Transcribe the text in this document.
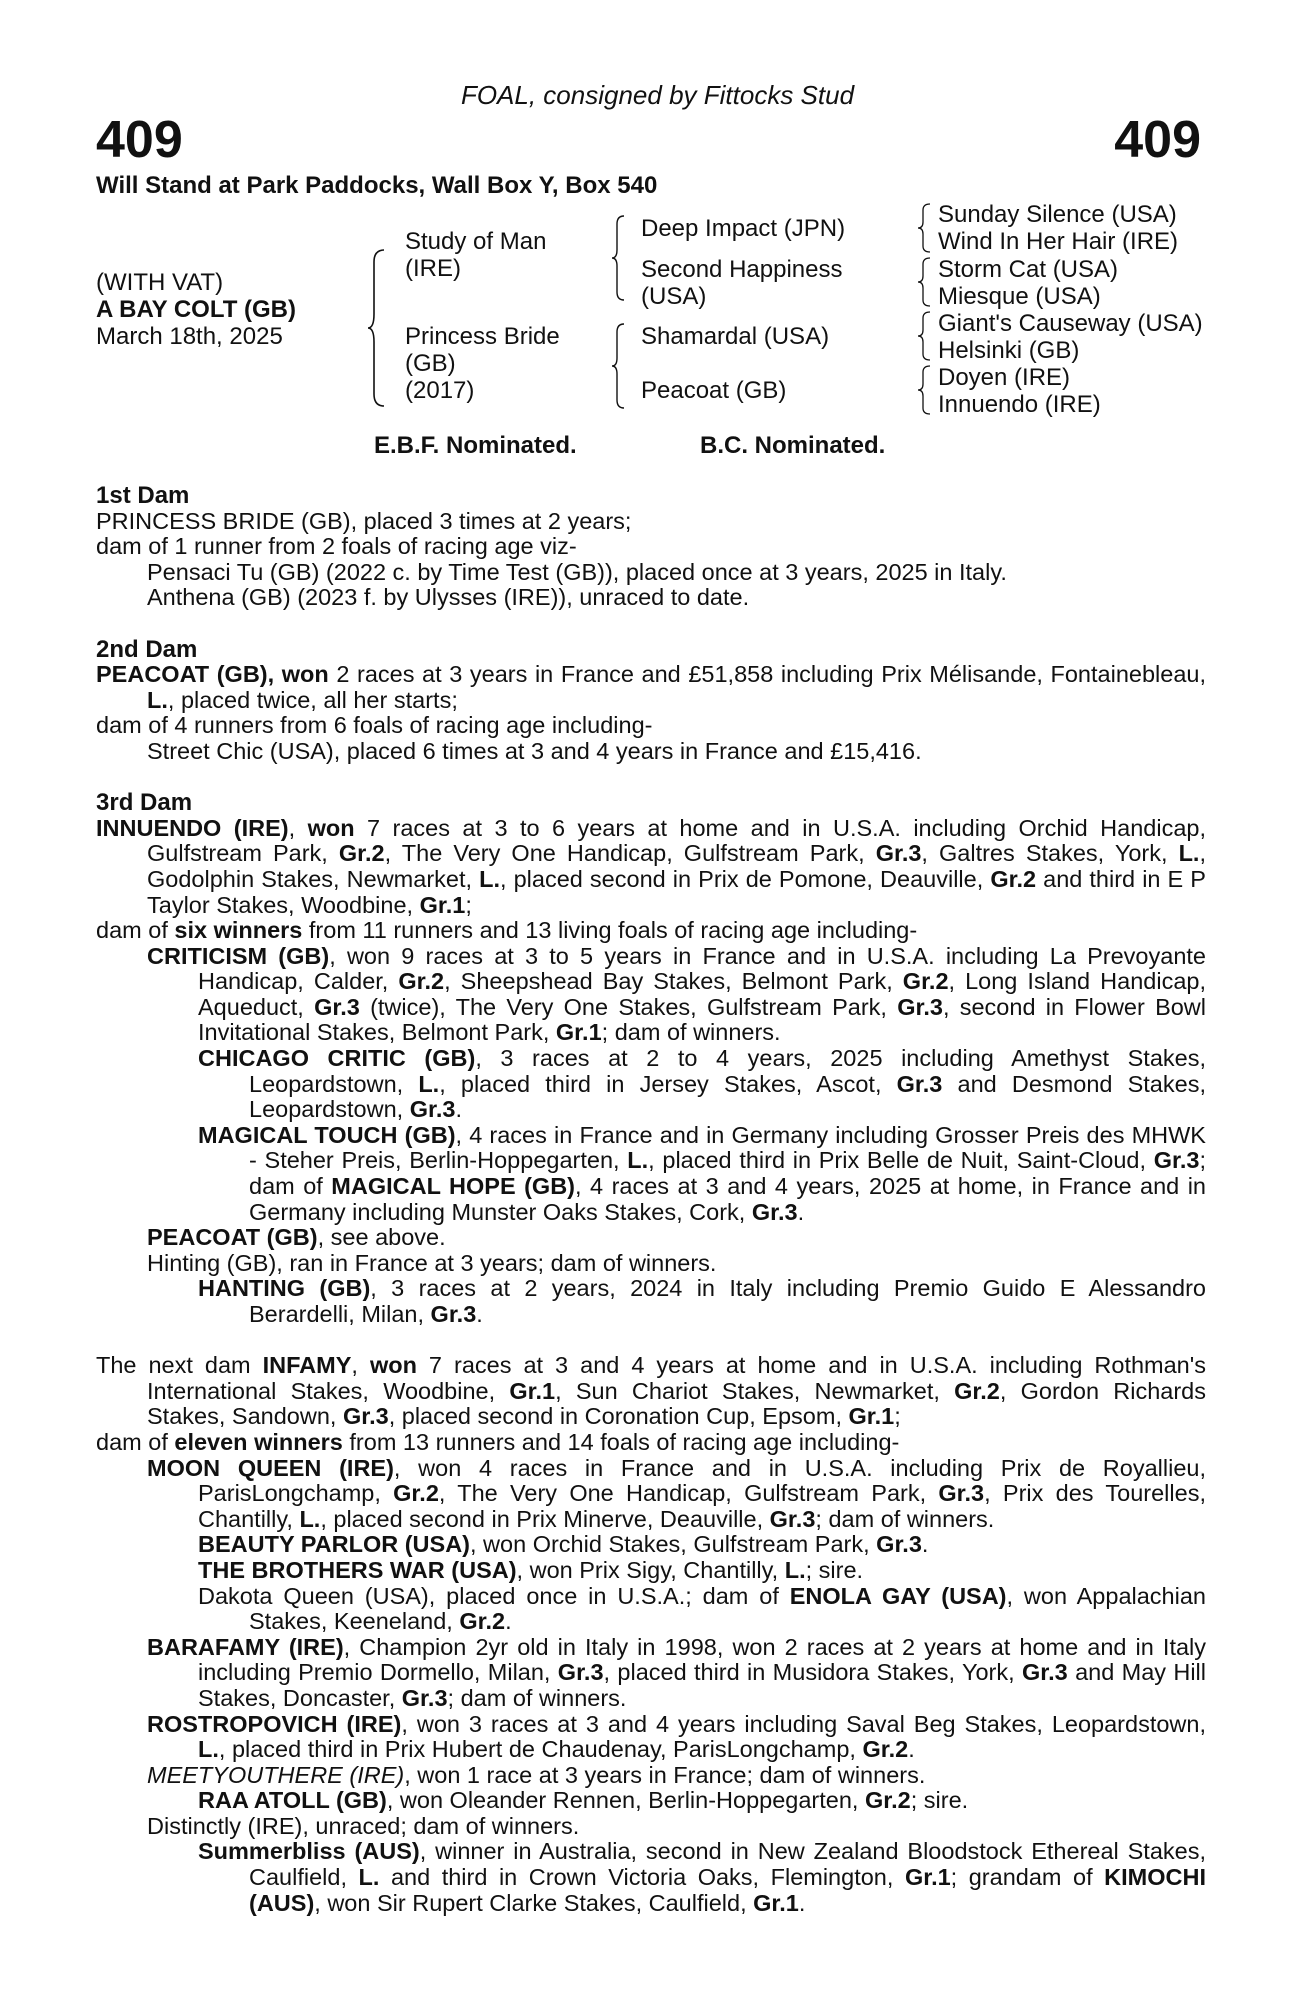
FOAL, consigned by Fittocks Stud
409	409
Will Stand at Park Paddocks, Wall Box Y, Box 540
(WITH VAT)
A BAY COLT (GB)
March 18th, 2025
Study of Man
(IRE)
Princess Bride
(GB)
(2017)
Deep Impact (JPN)
Second Happiness
(USA)
Shamardal (USA)
Peacoat (GB)
Sunday Silence (USA)
Wind In Her Hair (IRE)
Storm Cat (USA)
Miesque (USA)
Giant's Causeway (USA)
Helsinki (GB)
Doyen (IRE)
Innuendo (IRE)
E.B.F. Nominated.	B.C. Nominated.

1st Dam

PRINCESS BRIDE (GB), placed 3 times at 2 years;

dam of 1 runner from 2 foals of racing age viz-

Pensaci Tu (GB) (2022 c. by Time Test (GB)), placed once at 3 years, 2025 in Italy.

Anthena (GB) (2023 f. by Ulysses (IRE)), unraced to date.

2nd Dam

PEACOAT (GB), won 2 races at 3 years in France and £51,858 including Prix Mélisande, Fontainebleau, L., placed twice, all her starts;

dam of 4 runners from 6 foals of racing age including-

Street Chic (USA), placed 6 times at 3 and 4 years in France and £15,416.

3rd Dam

INNUENDO (IRE), won 7 races at 3 to 6 years at home and in U.S.A. including Orchid Handicap, Gulfstream Park, Gr.2, The Very One Handicap, Gulfstream Park, Gr.3, Galtres Stakes, York, L., Godolphin Stakes, Newmarket, L., placed second in Prix de Pomone, Deauville, Gr.2 and third in E P Taylor Stakes, Woodbine, Gr.1;

dam of six winners from 11 runners and 13 living foals of racing age including-

CRITICISM (GB), won 9 races at 3 to 5 years in France and in U.S.A. including La Prevoyante Handicap, Calder, Gr.2, Sheepshead Bay Stakes, Belmont Park, Gr.2, Long Island Handicap, Aqueduct, Gr.3 (twice), The Very One Stakes, Gulfstream Park, Gr.3, second in Flower Bowl Invitational Stakes, Belmont Park, Gr.1; dam of winners.

CHICAGO CRITIC (GB), 3 races at 2 to 4 years, 2025 including Amethyst Stakes, Leopardstown, L., placed third in Jersey Stakes, Ascot, Gr.3 and Desmond Stakes, Leopardstown, Gr.3.

MAGICAL TOUCH (GB), 4 races in France and in Germany including Grosser Preis des MHWK - Steher Preis, Berlin-Hoppegarten, L., placed third in Prix Belle de Nuit, Saint-Cloud, Gr.3; dam of MAGICAL HOPE (GB), 4 races at 3 and 4 years, 2025 at home, in France and in Germany including Munster Oaks Stakes, Cork, Gr.3.

PEACOAT (GB), see above.

Hinting (GB), ran in France at 3 years; dam of winners.

HANTING (GB), 3 races at 2 years, 2024 in Italy including Premio Guido E Alessandro Berardelli, Milan, Gr.3.

The next dam INFAMY, won 7 races at 3 and 4 years at home and in U.S.A. including Rothman's International Stakes, Woodbine, Gr.1, Sun Chariot Stakes, Newmarket, Gr.2, Gordon Richards Stakes, Sandown, Gr.3, placed second in Coronation Cup, Epsom, Gr.1;

dam of eleven winners from 13 runners and 14 foals of racing age including-

MOON QUEEN (IRE), won 4 races in France and in U.S.A. including Prix de Royallieu, ParisLongchamp, Gr.2, The Very One Handicap, Gulfstream Park, Gr.3, Prix des Tourelles, Chantilly, L., placed second in Prix Minerve, Deauville, Gr.3; dam of winners.

BEAUTY PARLOR (USA), won Orchid Stakes, Gulfstream Park, Gr.3.

THE BROTHERS WAR (USA), won Prix Sigy, Chantilly, L.; sire.

Dakota Queen (USA), placed once in U.S.A.; dam of ENOLA GAY (USA), won Appalachian Stakes, Keeneland, Gr.2.

BARAFAMY (IRE), Champion 2yr old in Italy in 1998, won 2 races at 2 years at home and in Italy including Premio Dormello, Milan, Gr.3, placed third in Musidora Stakes, York, Gr.3 and May Hill Stakes, Doncaster, Gr.3; dam of winners.

ROSTROPOVICH (IRE), won 3 races at 3 and 4 years including Saval Beg Stakes, Leopardstown, L., placed third in Prix Hubert de Chaudenay, ParisLongchamp, Gr.2.

MEETYOUTHERE (IRE), won 1 race at 3 years in France; dam of winners.

RAA ATOLL (GB), won Oleander Rennen, Berlin-Hoppegarten, Gr.2; sire.

Distinctly (IRE), unraced; dam of winners.

Summerbliss (AUS), winner in Australia, second in New Zealand Bloodstock Ethereal Stakes, Caulfield, L. and third in Crown Victoria Oaks, Flemington, Gr.1; grandam of KIMOCHI (AUS), won Sir Rupert Clarke Stakes, Caulfield, Gr.1.
